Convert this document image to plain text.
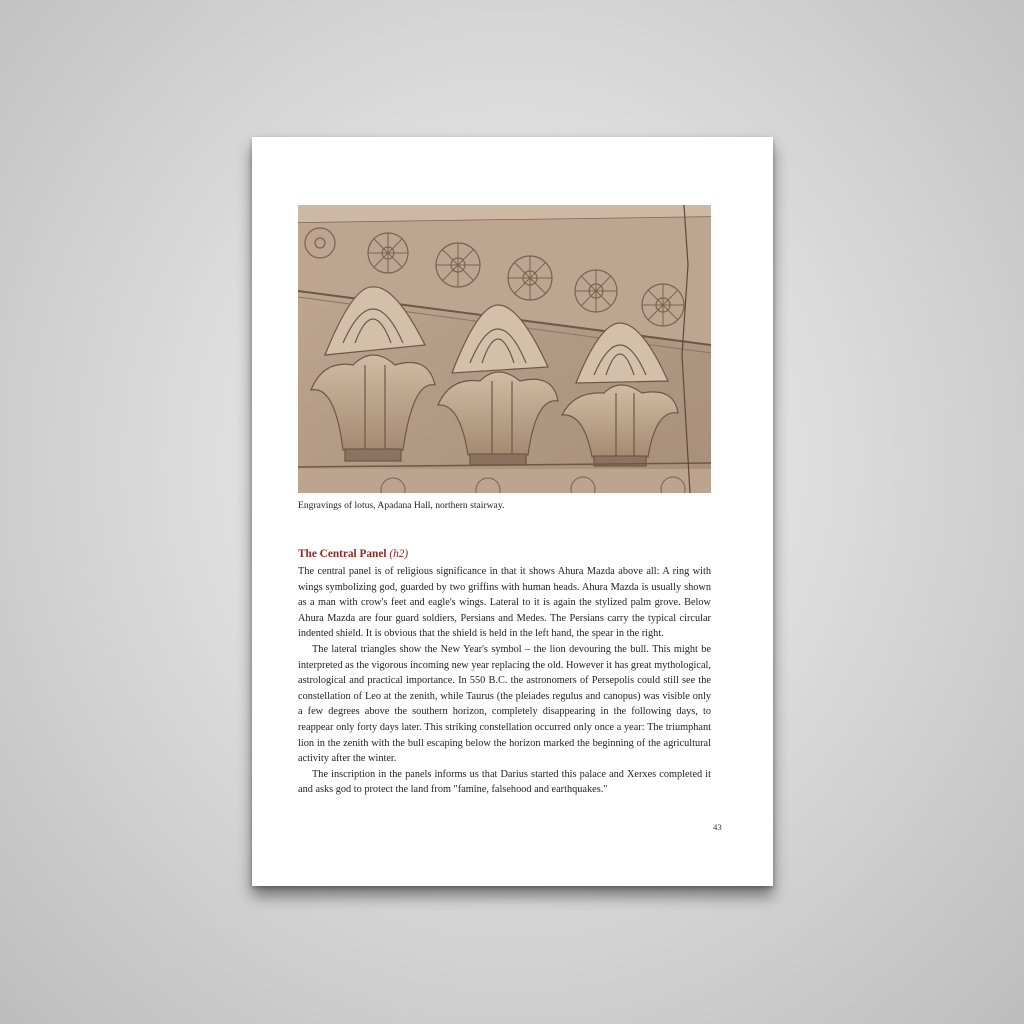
Engravings of lotus, Apadana Hall, northern stairway.
The Central Panel (h2)

The central panel is of religious significance in that it shows Ahura Mazda above all: A ring with wings symbolizing god, guarded by two griffins with human heads. Ahura Mazda is usually shown as a man with crow's feet and eagle's wings. Lateral to it is again the stylized palm grove. Below Ahura Mazda are four guard soldiers, Persians and Medes. The Persians carry the typical circular indented shield. It is obvious that the shield is held in the left hand, the spear in the right.

The lateral triangles show the New Year's symbol – the lion devouring the bull. This might be interpreted as the vigorous incoming new year replacing the old. However it has great mythological, astrological and practical importance. In 550 B.C. the astronomers of Persepolis could still see the constellation of Leo at the zenith, while Taurus (the pleiades regulus and canopus) was visible only a few degrees above the southern horizon, completely disappearing in the following days, to reappear only forty days later. This striking constellation occurred only once a year: The triumphant lion in the zenith with the bull escaping below the horizon marked the beginning of the agricultural activity after the winter.

The inscription in the panels informs us that Darius started this palace and Xerxes completed it and asks god to protect the land from "famine, falsehood and earthquakes."

43
